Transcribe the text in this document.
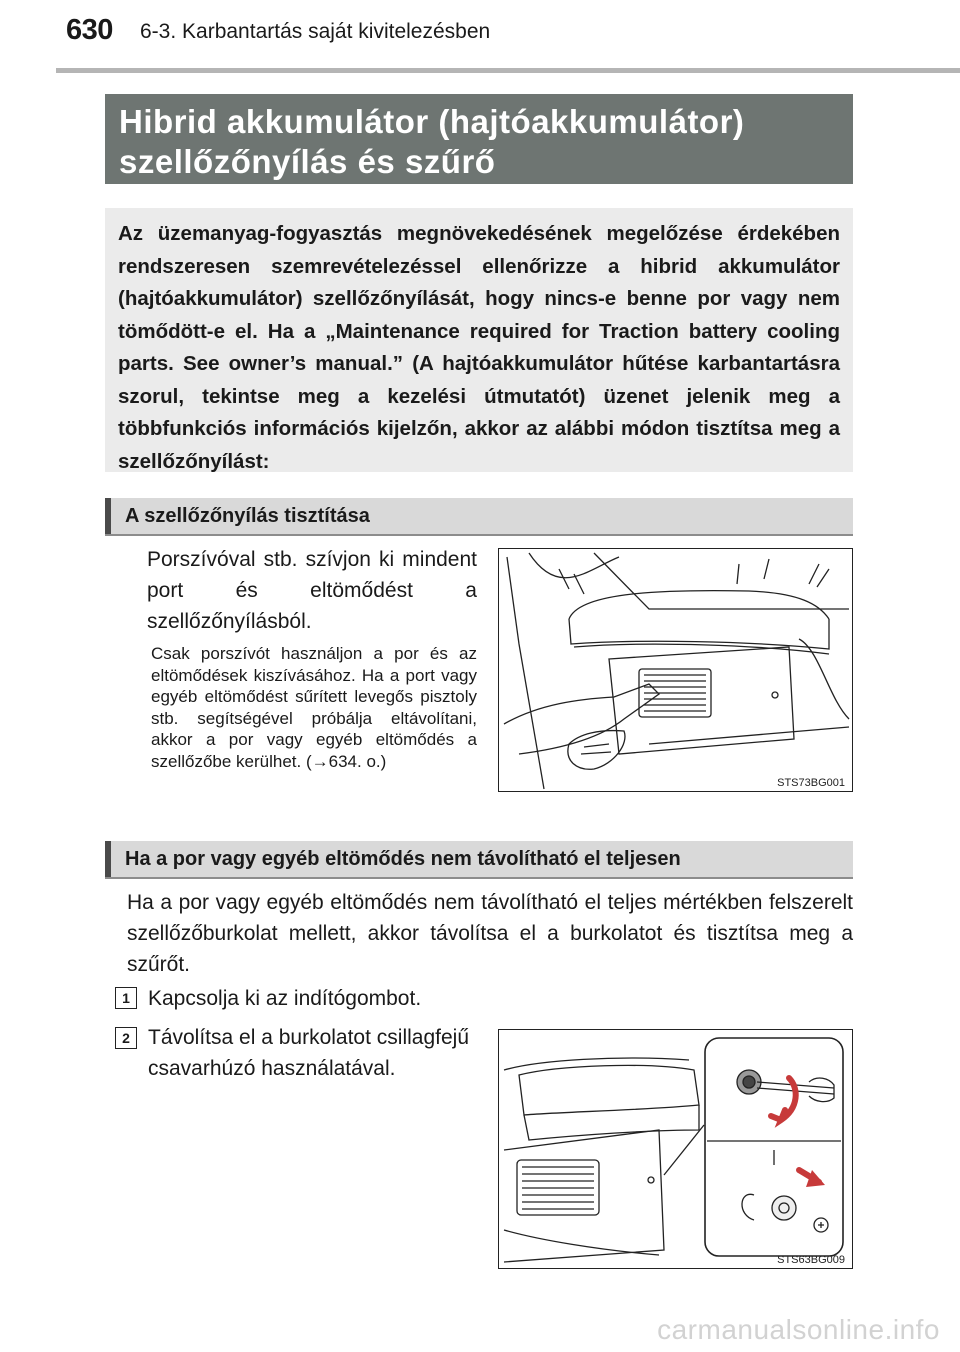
630 6-3. Karbantartás saját kivitelezésben
Hibrid akkumulátor (hajtóakkumulátor)
szellőzőnyílás és szűrő
Az üzemanyag-fogyasztás megnövekedésének megelőzése érdekében rendszeresen szemrevételezéssel ellenőrizze a hibrid akkumulátor (hajtóakkumulátor) szellőzőnyílását, hogy nincs-e benne por vagy nem tömődött-e el. Ha a „Maintenance required for Traction battery cooling parts. See owner’s manual.” (A hajtóakkumulátor hűtése karbantartásra szorul, tekintse meg a kezelési útmutatót) üzenet jelenik meg a többfunkciós információs kijelzőn, akkor az alábbi módon tisztítsa meg a szellőzőnyílást:
A szellőzőnyílás tisztítása
Porszívóval stb. szívjon ki mindent port és eltömődést a szellőzőnyílásból.
Csak porszívót használjon a por és az eltömődések kiszívásához. Ha a port vagy egyéb eltömődést sűrített levegős pisztoly stb. segítségével próbálja eltávolítani, akkor a por vagy egyéb eltömődés a szellőzőbe kerülhet. (→634. o.)
STS73BG001
Ha a por vagy egyéb eltömődés nem távolítható el teljesen
Ha a por vagy egyéb eltömődés nem távolítható el teljes mértékben felszerelt szellőzőburkolat mellett, akkor távolítsa el a burkolatot és tisztítsa meg a szűrőt.
1 Kapcsolja ki az indítógombot.
2 Távolítsa el a burkolatot csillagfejű csavarhúzó használatával.
STS63BG009
carmanualsonline.info
